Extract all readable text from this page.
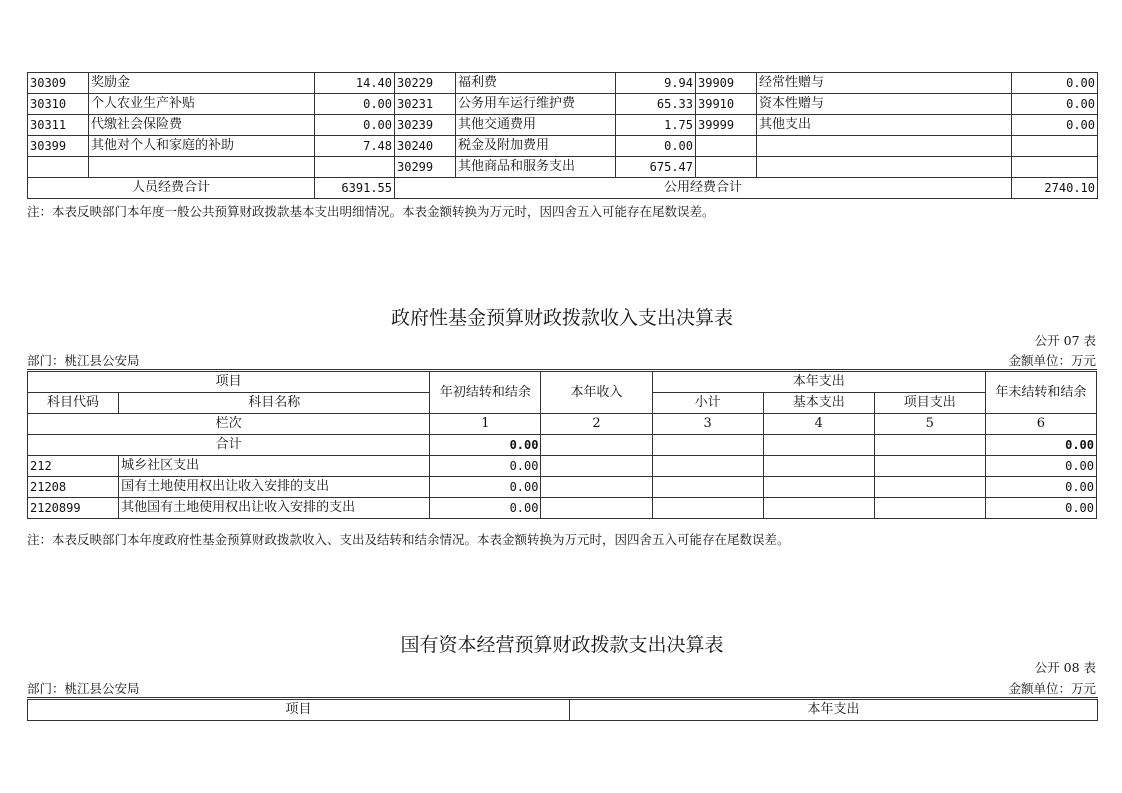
30309	奖励金	14.40	30229	福利费	9.94	39909	经常性赠与	0.00
30310	个人农业生产补贴	0.00	30231	公务用车运行维护费	65.33	39910	资本性赠与	0.00
30311	代缴社会保险费	0.00	30239	其他交通费用	1.75	39999	其他支出	0.00
30399	其他对个人和家庭的补助	7.48	30240	税金及附加费用	0.00			
			30299	其他商品和服务支出	675.47			
人员经费合计		6391.55	公用经费合计					2740.10
注：本表反映部门本年度一般公共预算财政拨款基本支出明细情况。本表金额转换为万元时，因四舍五入可能存在尾数误差。
政府性基金预算财政拨款收入支出决算表
公开 07 表
部门：桃江县公安局	金额单位：万元
项目		年初结转和结余	本年收入	本年支出			年末结转和结余
科目代码	科目名称			小计	基本支出	项目支出	
栏次		1	2	3	4	5	6
合计		0.00					0.00
212	城乡社区支出	0.00					0.00
21208	国有土地使用权出让收入安排的支出	0.00					0.00
2120899	其他国有土地使用权出让收入安排的支出	0.00					0.00
注：本表反映部门本年度政府性基金预算财政拨款收入、支出及结转和结余情况。本表金额转换为万元时，因四舍五入可能存在尾数误差。
国有资本经营预算财政拨款支出决算表
公开 08 表
部门：桃江县公安局	金额单位：万元
项目	本年支出
